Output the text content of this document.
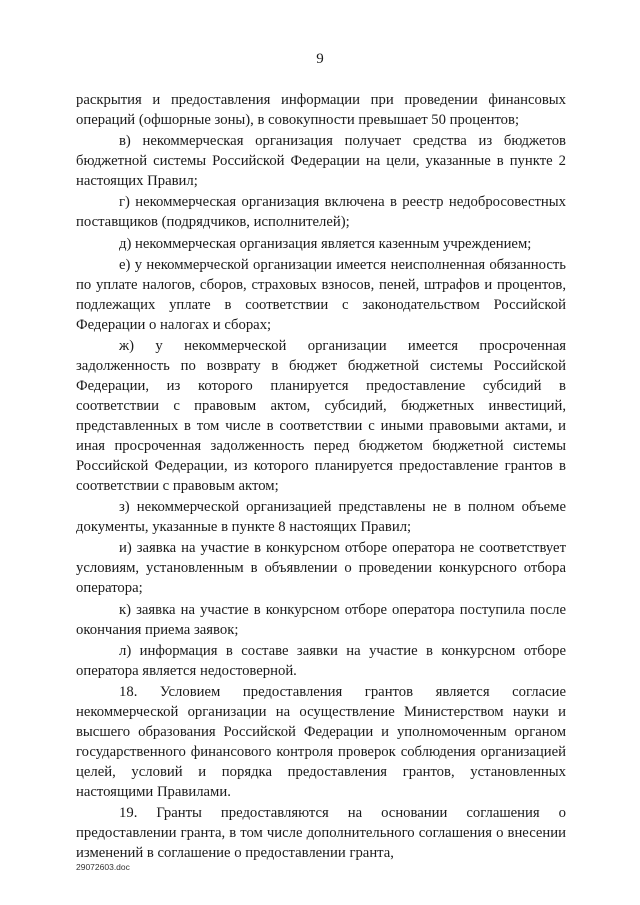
9

раскрытия и предоставления информации при проведении финансовых операций (офшорные зоны), в совокупности превышает 50 процентов;

в) некоммерческая организация получает средства из бюджетов бюджетной системы Российской Федерации на цели, указанные в пункте 2 настоящих Правил;

г) некоммерческая организация включена в реестр недобросовестных поставщиков (подрядчиков, исполнителей);

д) некоммерческая организация является казенным учреждением;

е) у некоммерческой организации имеется неисполненная обязанность по уплате налогов, сборов, страховых взносов, пеней, штрафов и процентов, подлежащих уплате в соответствии с законодательством Российской Федерации о налогах и сборах;

ж) у некоммерческой организации имеется просроченная задолженность по возврату в бюджет бюджетной системы Российской Федерации, из которого планируется предоставление субсидий в соответствии с правовым актом, субсидий, бюджетных инвестиций, представленных в том числе в соответствии с иными правовыми актами, и иная просроченная задолженность перед бюджетом бюджетной системы Российской Федерации, из которого планируется предоставление грантов в соответствии с правовым актом;

з) некоммерческой организацией представлены не в полном объеме документы, указанные в пункте 8 настоящих Правил;

и) заявка на участие в конкурсном отборе оператора не соответствует условиям, установленным в объявлении о проведении конкурсного отбора оператора;

к) заявка на участие в конкурсном отборе оператора поступила после окончания приема заявок;

л) информация в составе заявки на участие в конкурсном отборе оператора является недостоверной.

18. Условием предоставления грантов является согласие некоммерческой организации на осуществление Министерством науки и высшего образования Российской Федерации и уполномоченным органом государственного финансового контроля проверок соблюдения организацией целей, условий и порядка предоставления грантов, установленных настоящими Правилами.

19. Гранты предоставляются на основании соглашения о предоставлении гранта, в том числе дополнительного соглашения о внесении изменений в соглашение о предоставлении гранта,

29072603.doc
